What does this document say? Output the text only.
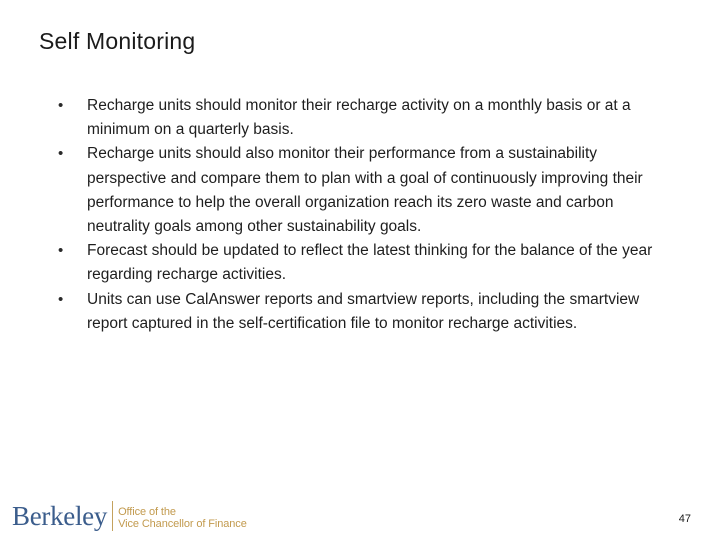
Self Monitoring
• Recharge units should monitor their recharge activity on a monthly basis or at a minimum on a quarterly basis.
• Recharge units should also monitor their performance from a sustainability perspective and compare them to plan with a goal of continuously improving their performance to help the overall organization reach its zero waste and carbon neutrality goals among other sustainability goals.
• Forecast should be updated to reflect the latest thinking for the balance of the year regarding recharge activities.
• Units can use CalAnswer reports and smartview reports, including the smartview report captured in the self-certification file to monitor recharge activities.
Berkeley Office of the
Vice Chancellor of Finance	47
